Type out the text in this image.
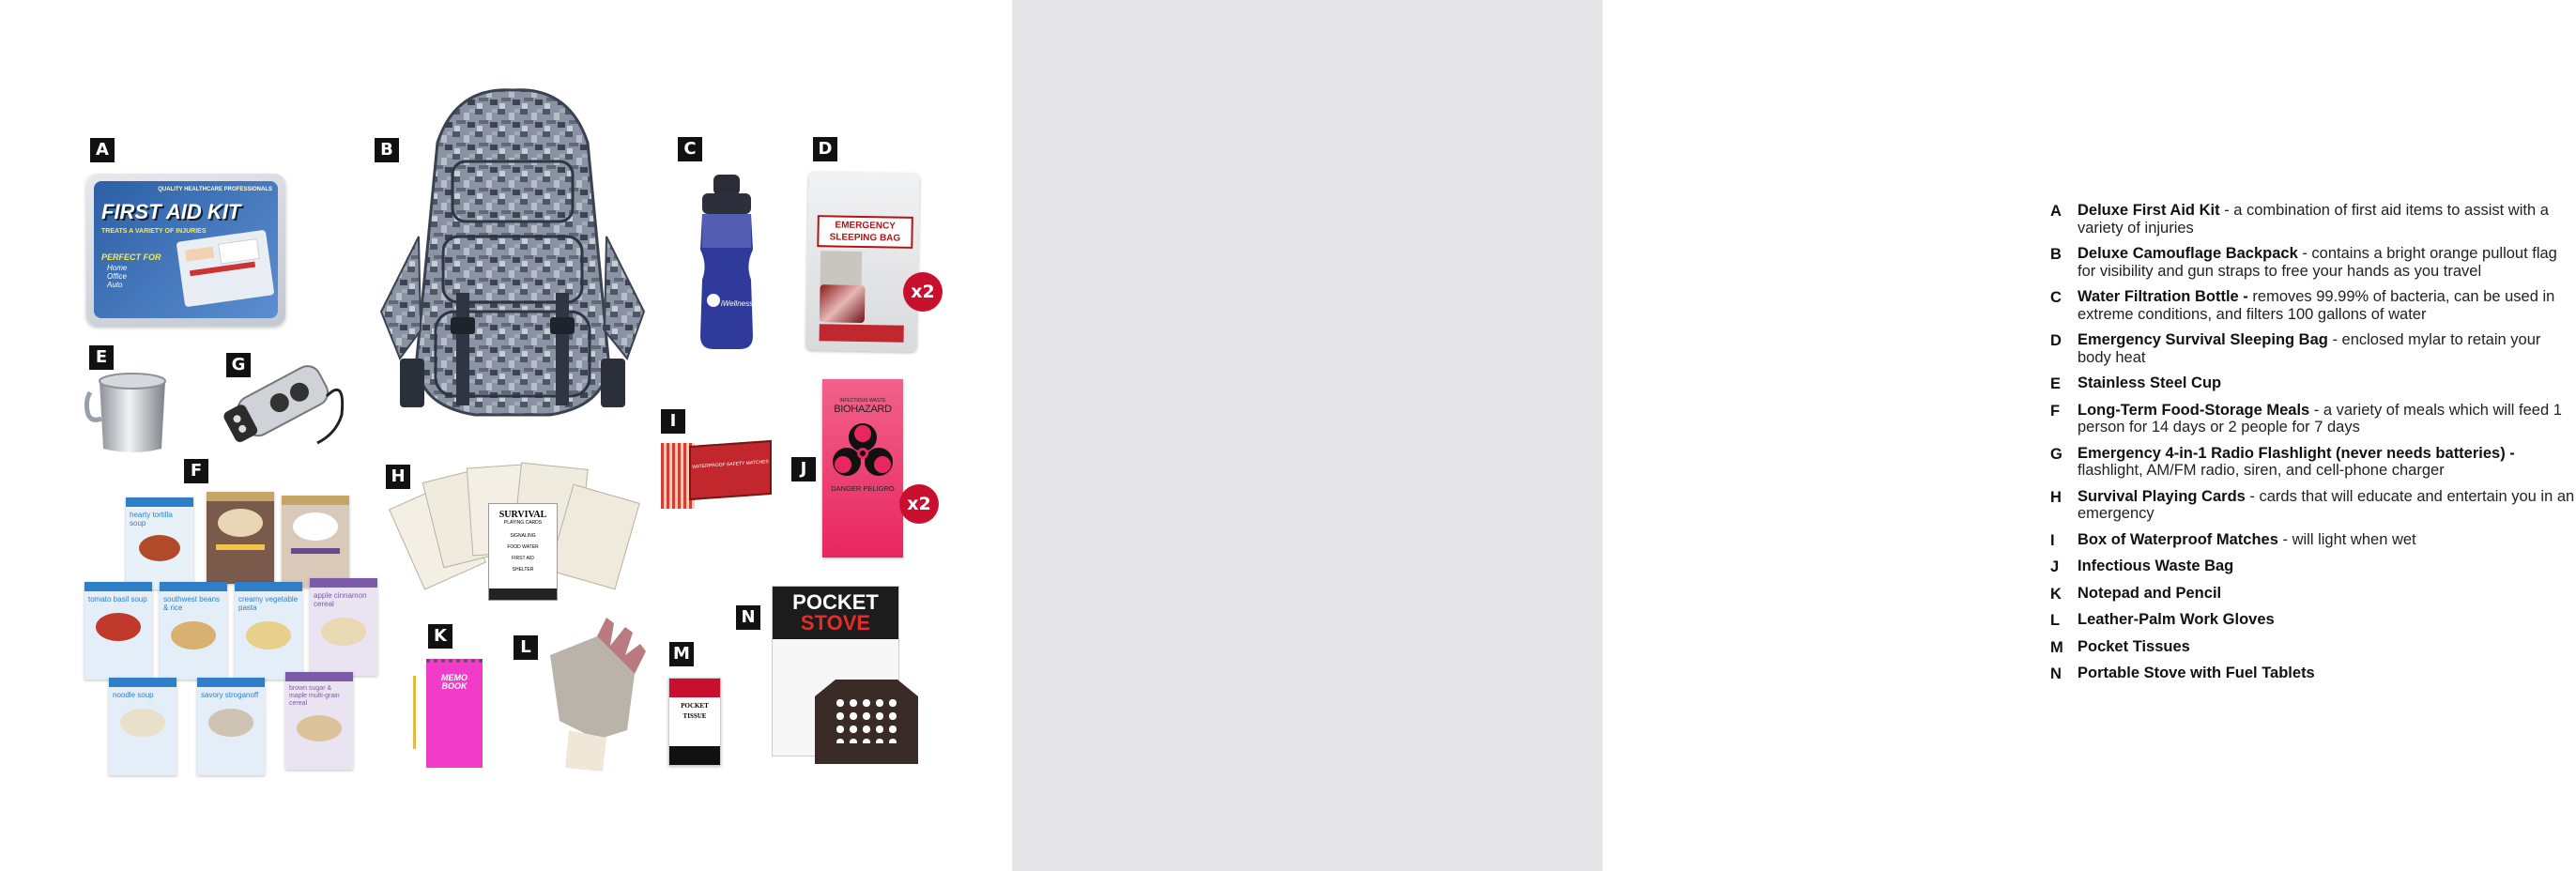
A	B	C	D
E
F
G
H
I
J
K
L	M
N
QUALITY HEALTHCARE PROFESSIONALS
FIRST AID KIT
TREATS A VARIETY OF INJURIES
PERFECT FOR
Home
Office
Auto
iWellness
EMERGENCY SLEEPING BAG
x2
hearty tortilla soup
tomato basil soup	southwest beans & rice
creamy vegetable pasta
apple cinnamon cereal
noodle soup	savory stroganoff
brown sugar & maple multi-grain cereal
SURVIVAL
PLAYING CARDS
SIGNALING
FOOD WATER
FIRST AID
SHELTER
WATERPROOF SAFETY MATCHES
INFECTIOUS WASTE
BIOHAZARD
DANGER PELIGRO
x2
MEMO BOOK
POCKET TISSUE
POCKET
STOVE
A	Deluxe First Aid Kit - a combination of first aid items to assist with a variety of injuries
B	Deluxe Camouflage Backpack - contains a bright orange pullout flag for visibility and gun straps to free your hands as you travel
C	Water Filtration Bottle - removes 99.99% of bacteria, can be used in extreme conditions, and filters 100 gallons of water
D	Emergency Survival Sleeping Bag - enclosed mylar to retain your body heat
E	Stainless Steel Cup
F	Long-Term Food-Storage Meals - a variety of meals which will feed 1 person for 14 days or 2 people for 7 days
G Emergency 4-in-1 Radio Flashlight (never needs batteries) - flashlight, AM/FM radio, siren, and cell-phone charger
H	Survival Playing Cards - cards that will educate and entertain you in an emergency
I	Box of Waterproof Matches - will light when wet
J	Infectious Waste Bag
K	Notepad and Pencil
L	Leather-Palm Work Gloves
M Pocket Tissues
N	Portable Stove with Fuel Tablets
